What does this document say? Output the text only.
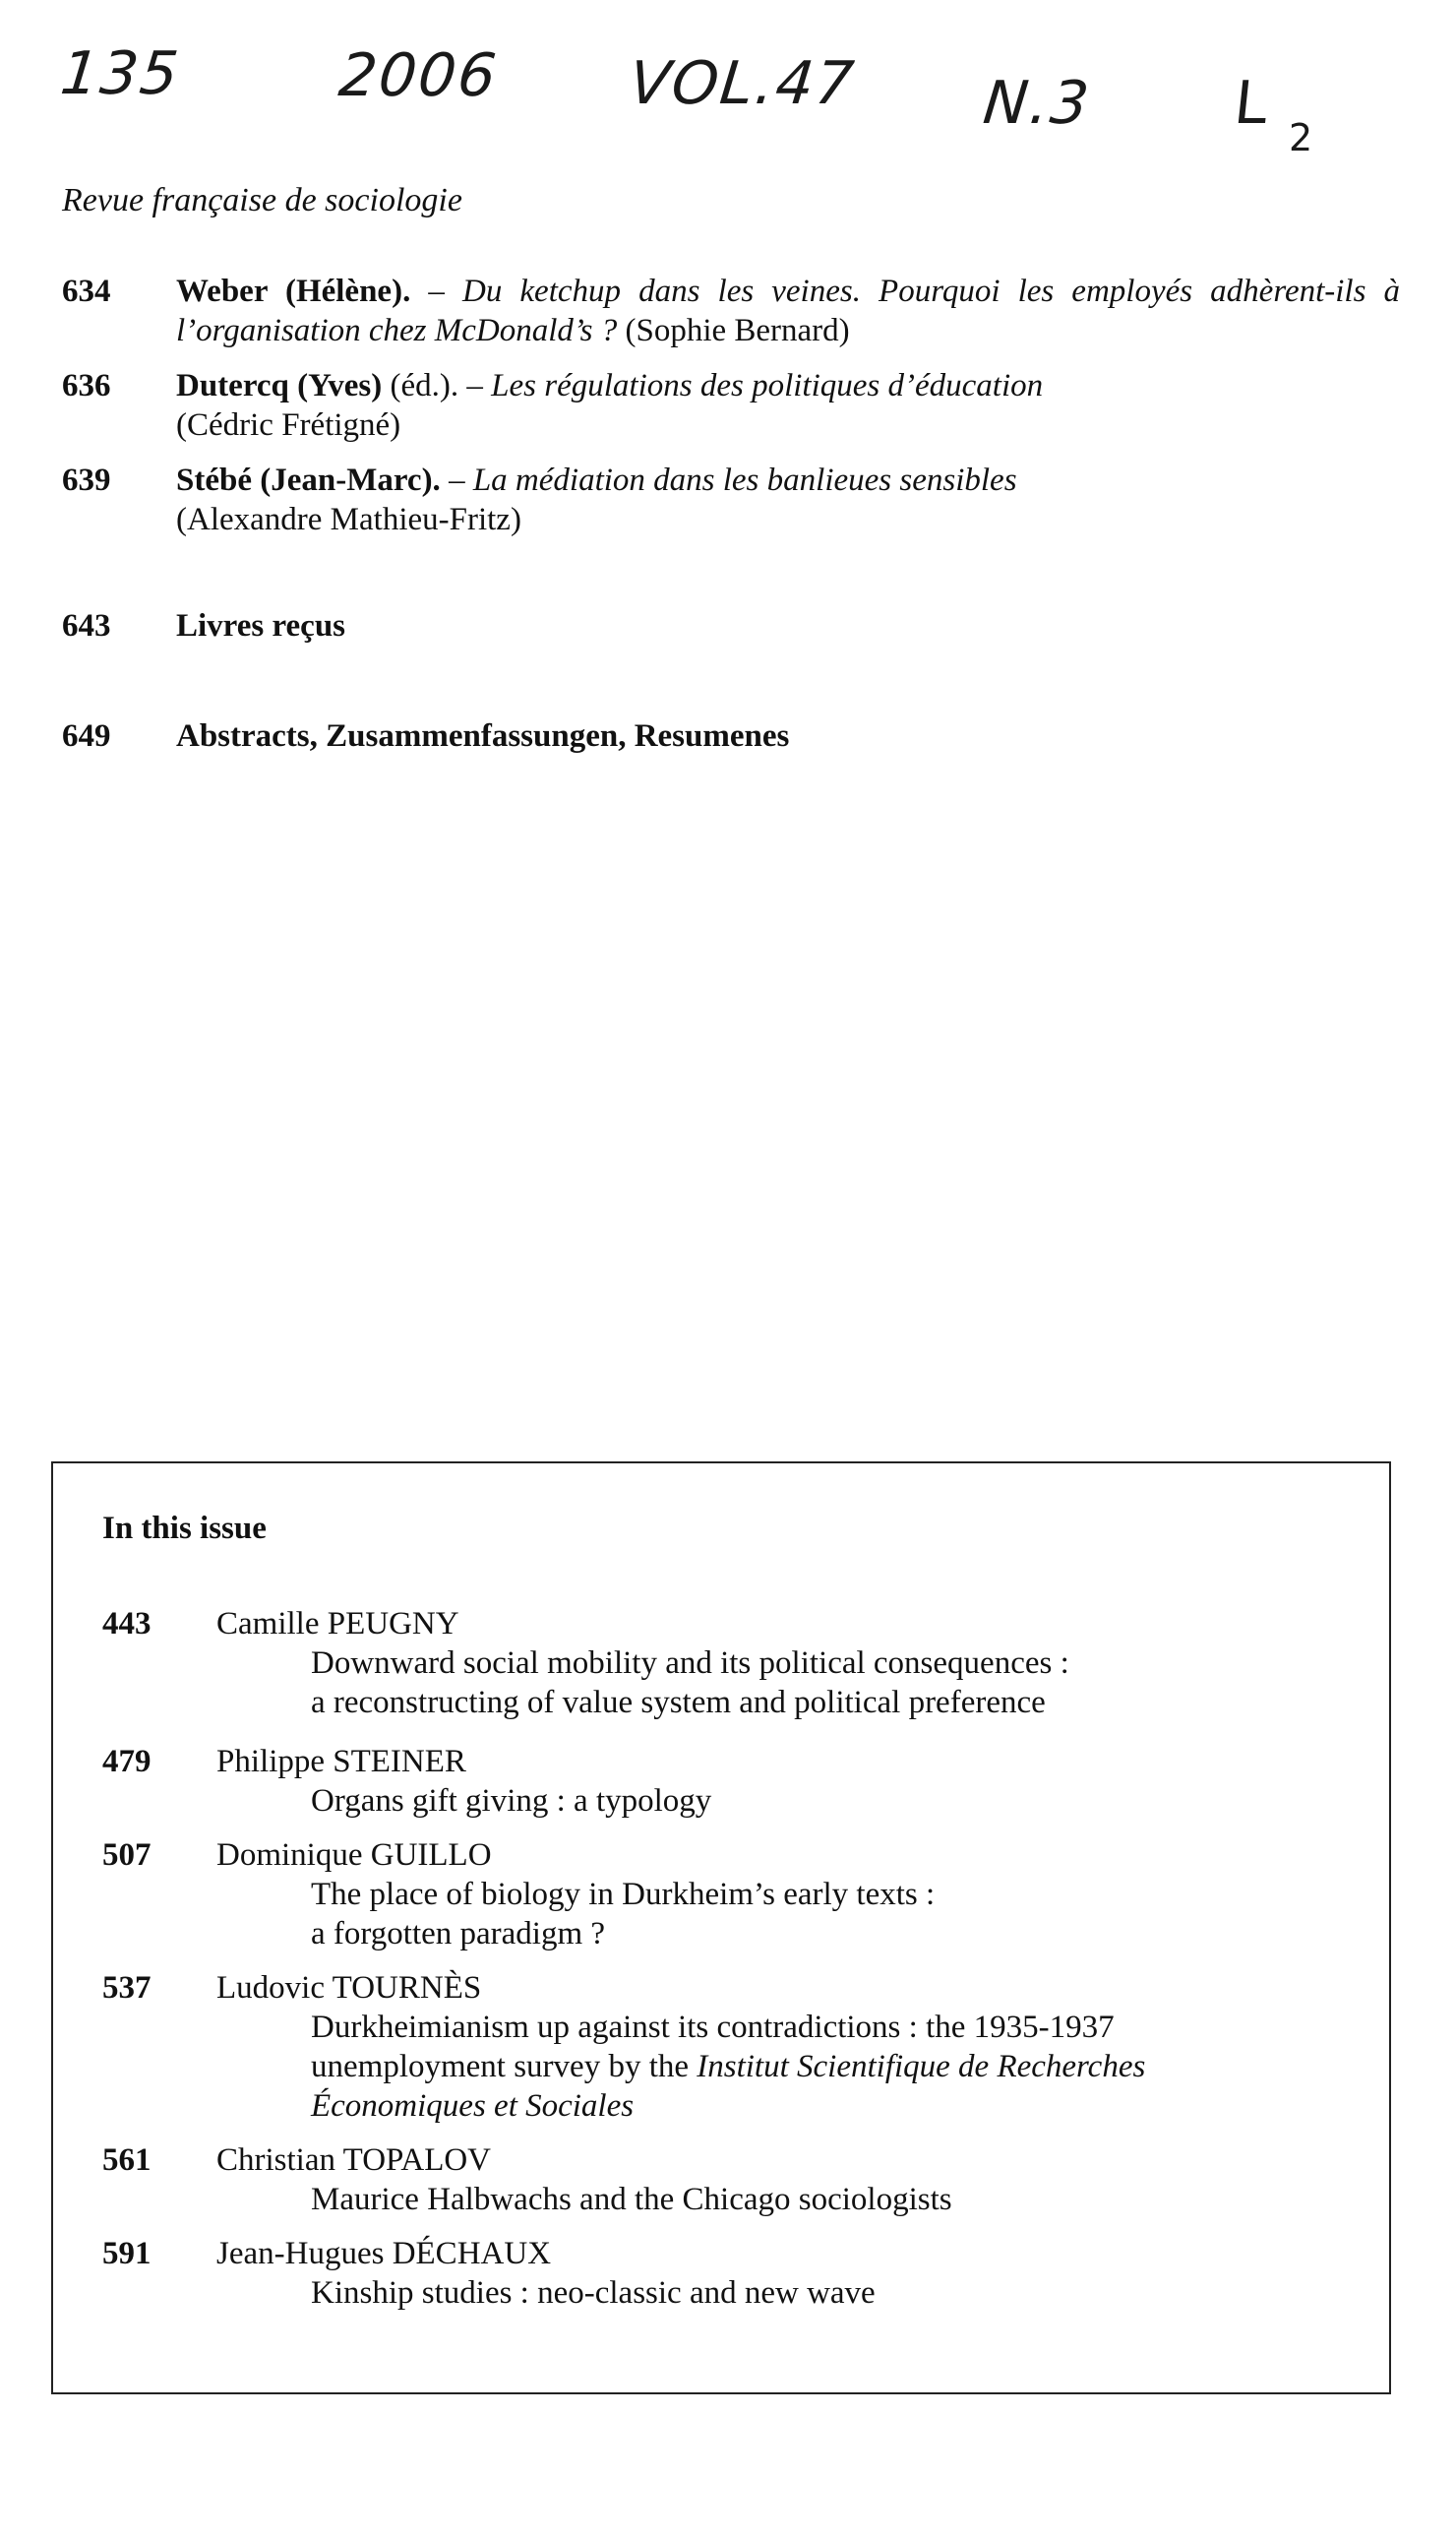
135	2006 VOL.47 N.3 L 2
Revue française de sociologie
634 Weber (Hélène). – Du ketchup dans les veines. Pourquoi les employés adhèrent-ils à l’organisation chez McDonald’s ? (Sophie Bernard)
636 Dutercq (Yves) (éd.). – Les régulations des politiques d’éducation
(Cédric Frétigné)
639 Stébé (Jean-Marc). – La médiation dans les banlieues sensibles
(Alexandre Mathieu-Fritz)
643 Livres reçus
649 Abstracts, Zusammenfassungen, Resumenes
In this issue
443 Camille PEUGNY
Downward social mobility and its political consequences :
a reconstructing of value system and political preference
479 Philippe STEINER
Organs gift giving : a typology
507 Dominique GUILLO
The place of biology in Durkheim’s early texts :
a forgotten paradigm ?
537 Ludovic TOURNÈS
Durkheimianism up against its contradictions : the 1935-1937
unemployment survey by the Institut Scientifique de Recherches
Économiques et Sociales
561 Christian TOPALOV
Maurice Halbwachs and the Chicago sociologists
591 Jean-Hugues DÉCHAUX
Kinship studies : neo-classic and new wave
